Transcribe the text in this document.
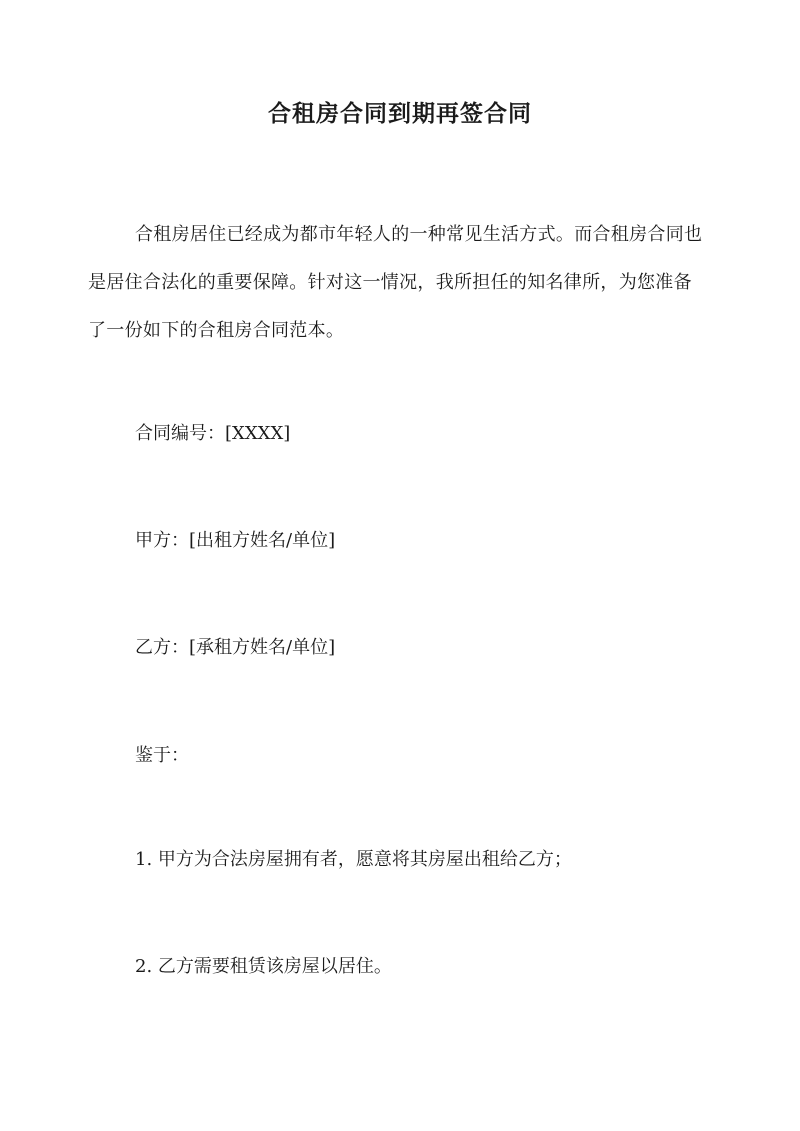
合租房合同到期再签合同

合租房居住已经成为都市年轻人的一种常见生活方式。而合租房合同也是居住合法化的重要保障。针对这一情况，我所担任的知名律所，为您准备了一份如下的合租房合同范本。

合同编号：[XXXX]

甲方：[出租方姓名/单位]

乙方：[承租方姓名/单位]

鉴于：

1. 甲方为合法房屋拥有者，愿意将其房屋出租给乙方；

2. 乙方需要租赁该房屋以居住。
